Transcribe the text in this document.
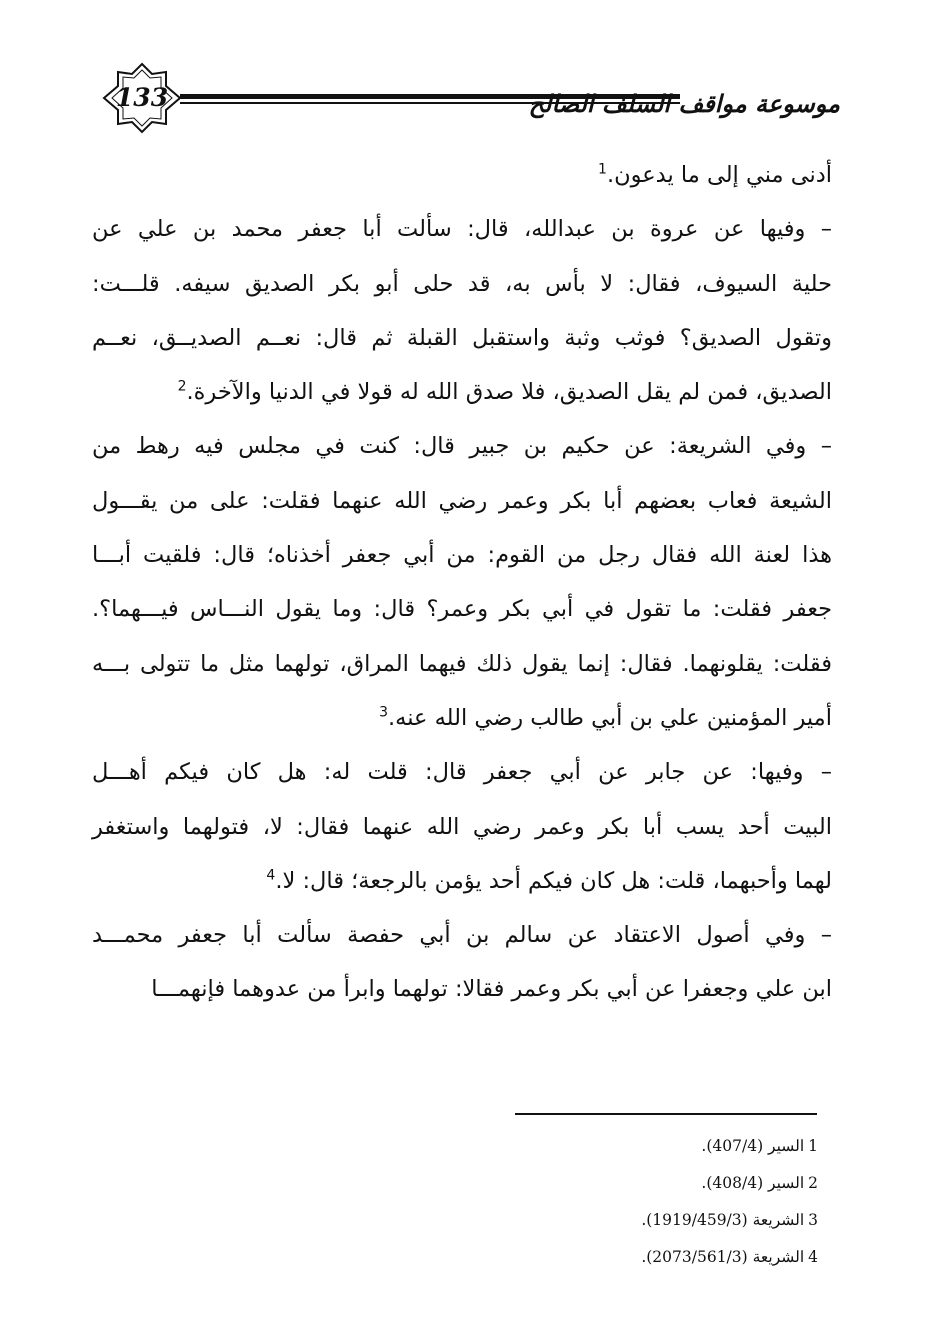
133	موسوعة مواقف السلف الصالح
أدنى مني إلى ما يدعون.$^1$
– وفيها عن عروة بن عبدالله، قال: سألت أبا جعفر محمد بن علي عن
حلية السيوف، فقال: لا بأس به، قد حلى أبو بكر الصديق سيفه. قلـــت:
وتقول الصديق؟ فوثب وثبة واستقبل القبلة ثم قال: نعــم الصديــق، نعــم
الصديق، فمن لم يقل الصديق، فلا صدق الله له قولا في الدنيا والآخرة.$^2$
– وفي الشريعة: عن حكيم بن جبير قال: كنت في مجلس فيه رهط من
الشيعة فعاب بعضهم أبا بكر وعمر رضي الله عنهما فقلت: على من يقـــول
هذا لعنة الله فقال رجل من القوم: من أبي جعفر أخذناه؛ قال: فلقيت أبـــا
جعفر فقلت: ما تقول في أبي بكر وعمر؟ قال: وما يقول النـــاس فيـــهما؟.
فقلت: يقلونهما. فقال: إنما يقول ذلك فيهما المراق، تولهما مثل ما تتولى بـــه
أمير المؤمنين علي بن أبي طالب رضي الله عنه.$^3$
– وفيها: عن جابر عن أبي جعفر قال: قلت له: هل كان فيكم أهـــل
البيت أحد يسب أبا بكر وعمر رضي الله عنهما فقال: لا، فتولهما واستغفر
لهما وأحبهما، قلت: هل كان فيكم أحد يؤمن بالرجعة؛ قال: لا.$^4$
– وفي أصول الاعتقاد عن سالم بن أبي حفصة سألت أبا جعفر محمـــد
ابن علي وجعفرا عن أبي بكر وعمر فقالا: تولهما وابرأ من عدوهما فإنهمـــا
1السير (407/4).
2السير (408/4).
3الشريعة (1919/459/3).
4الشريعة (2073/561/3).
